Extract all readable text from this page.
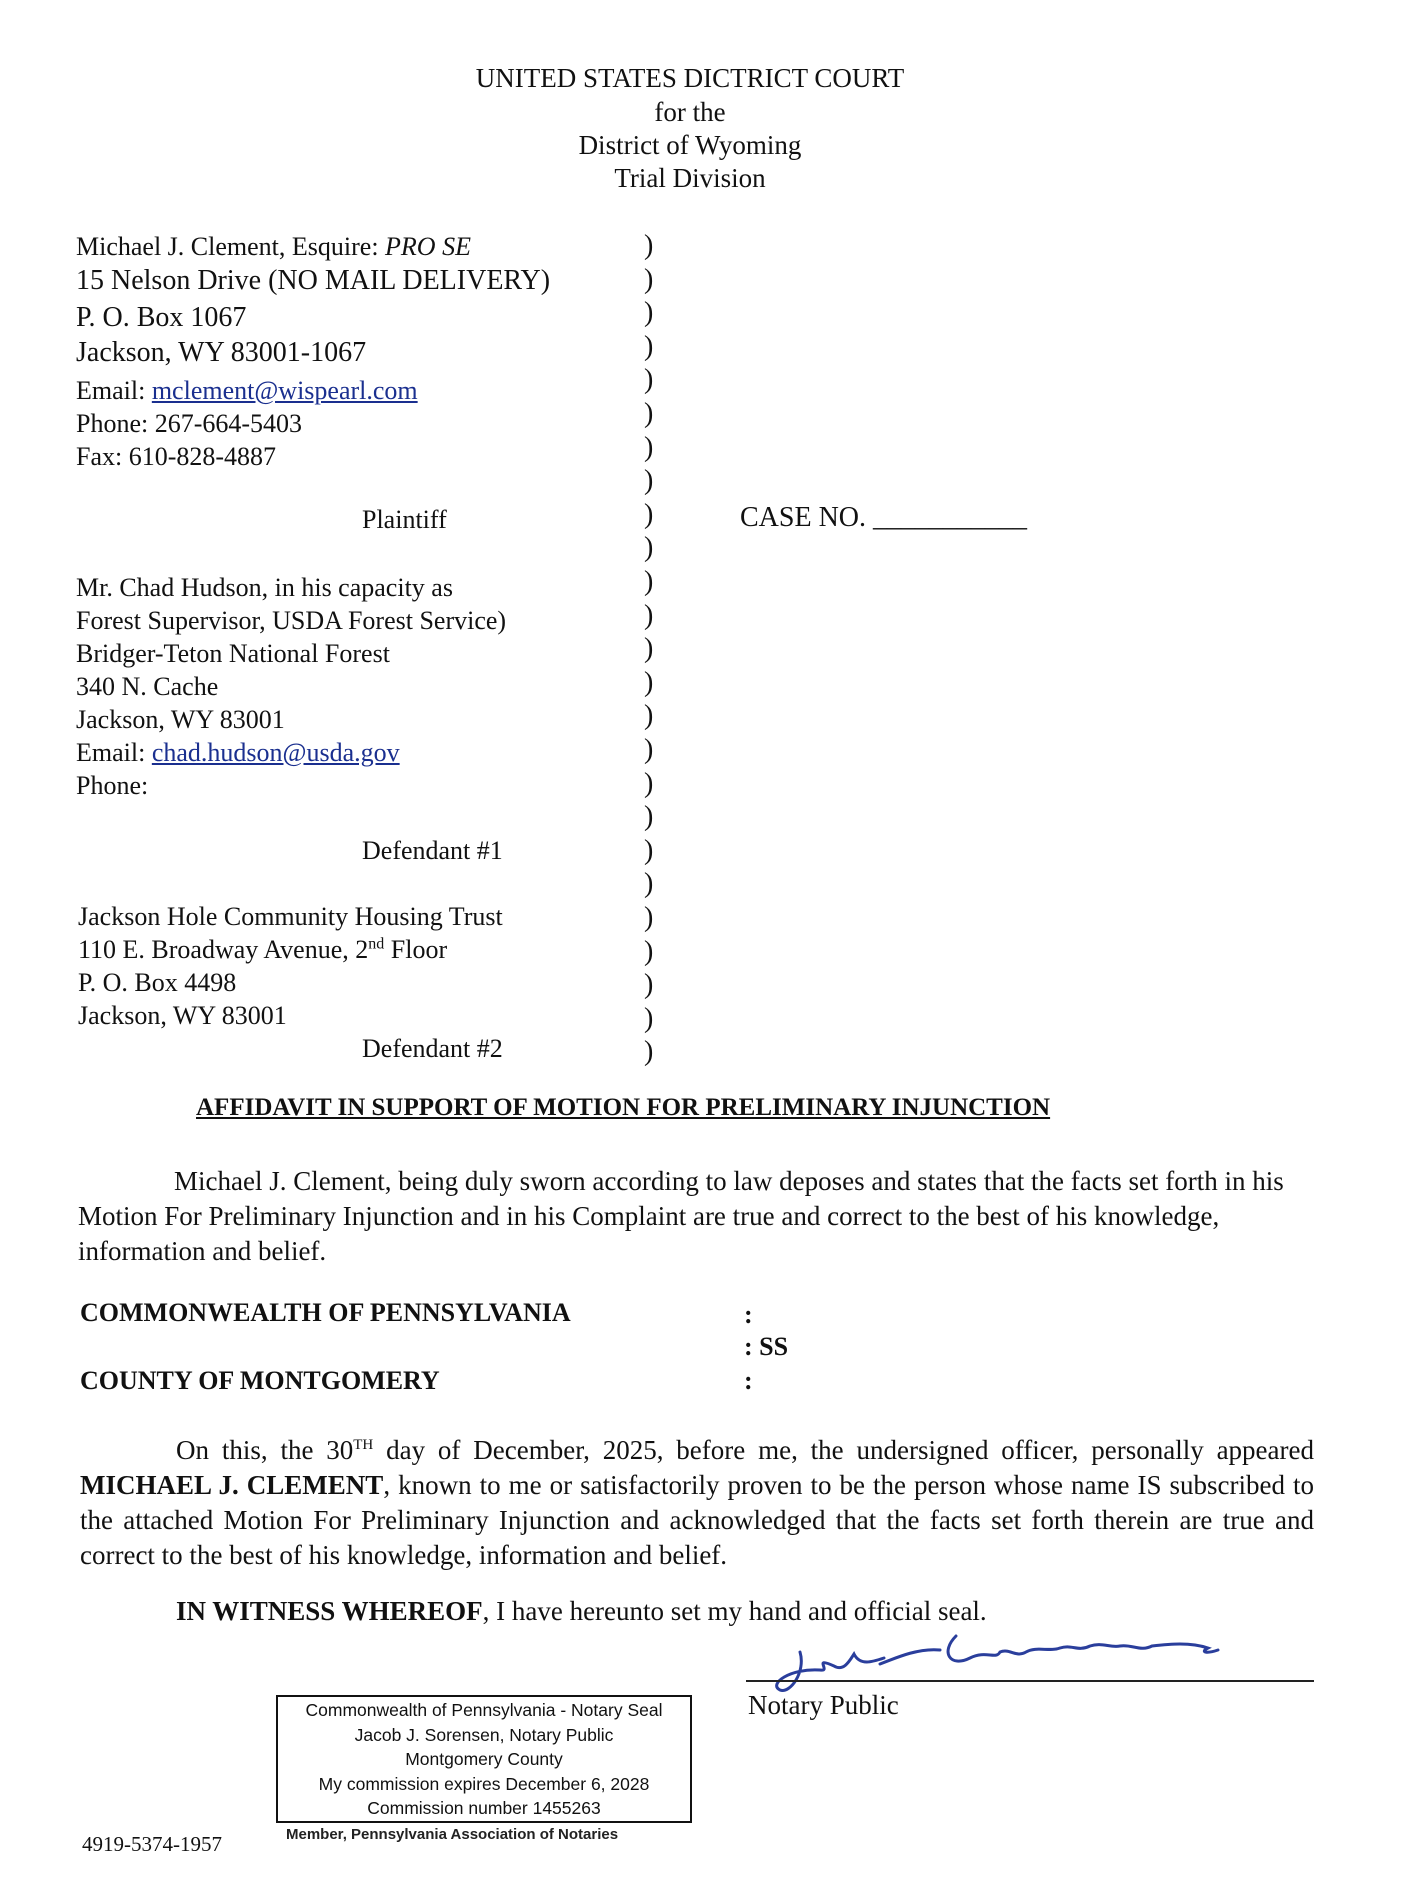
UNITED STATES DICTRICT COURT
for the
District of Wyoming
Trial Division
Michael J. Clement, Esquire: PRO SE
15 Nelson Drive (NO MAIL DELIVERY)
P. O. Box 1067
Jackson, WY 83001-1067
Email: mclement@wispearl.com
Phone: 267-664-5403
Fax: 610-828-4887
Plaintiff	CASE NO. ___________
Mr. Chad Hudson, in his capacity as
Forest Supervisor, USDA Forest Service)
Bridger-Teton National Forest
340 N. Cache
Jackson, WY 83001
Email: chad.hudson@usda.gov
Phone:
Defendant #1
Jackson Hole Community Housing Trust
110 E. Broadway Avenue, 2nd Floor
P. O. Box 4498
Jackson, WY 83001
Defendant #2
)
)
)
)
)
)
)
)
)
)
)
)
)
)
)
)
)
)
)
)
)
)
)
)
)
AFFIDAVIT IN SUPPORT OF MOTION FOR PRELIMINARY INJUNCTION
Michael J. Clement, being duly sworn according to law deposes and states that the facts set forth in his Motion For Preliminary Injunction and in his Complaint are true and correct to the best of his knowledge, information and belief.
COMMONWEALTH OF PENNSYLVANIA	:
: SS
COUNTY OF MONTGOMERY	:
On this, the 30TH day of December, 2025, before me, the undersigned officer, personally appeared MICHAEL J. CLEMENT, known to me or satisfactorily proven to be the person whose name IS subscribed to the attached Motion For Preliminary Injunction and acknowledged that the facts set forth therein are true and correct to the best of his knowledge, information and belief.
IN WITNESS WHEREOF, I have hereunto set my hand and official seal.
Notary Public
Commonwealth of Pennsylvania - Notary Seal
Jacob J. Sorensen, Notary Public
Montgomery County
My commission expires December 6, 2028
Commission number 1455263
Member, Pennsylvania Association of Notaries
4919-5374-1957
